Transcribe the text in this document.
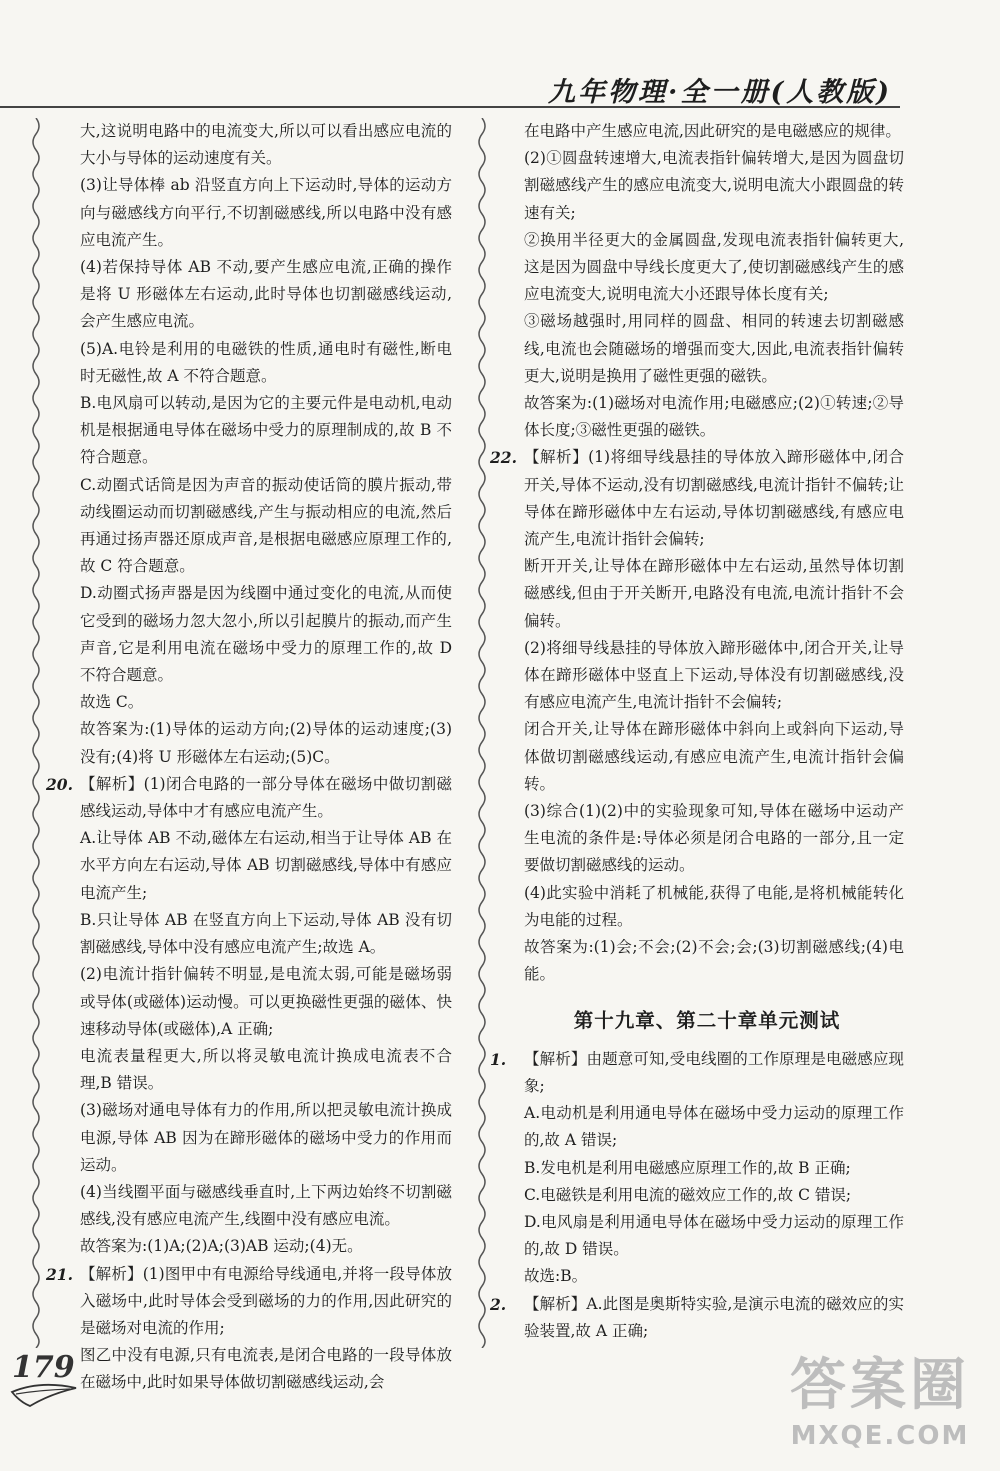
九年物理·全一册(人教版)

大,这说明电路中的电流变大,所以可以看出感应电流的大小与导体的运动速度有关。

(3)让导体棒 ab 沿竖直方向上下运动时,导体的运动方向与磁感线方向平行,不切割磁感线,所以电路中没有感应电流产生。

(4)若保持导体 AB 不动,要产生感应电流,正确的操作是将 U 形磁体左右运动,此时导体也切割磁感线运动,会产生感应电流。

(5)A.电铃是利用的电磁铁的性质,通电时有磁性,断电时无磁性,故 A 不符合题意。

B.电风扇可以转动,是因为它的主要元件是电动机,电动机是根据通电导体在磁场中受力的原理制成的,故 B 不符合题意。

C.动圈式话筒是因为声音的振动使话筒的膜片振动,带动线圈运动而切割磁感线,产生与振动相应的电流,然后再通过扬声器还原成声音,是根据电磁感应原理工作的,故 C 符合题意。

D.动圈式扬声器是因为线圈中通过变化的电流,从而使它受到的磁场力忽大忽小,所以引起膜片的振动,而产生声音,它是利用电流在磁场中受力的原理工作的,故 D 不符合题意。

故选 C。

故答案为:(1)导体的运动方向;(2)导体的运动速度;(3)没有;(4)将 U 形磁体左右运动;(5)C。

20. 【解析】(1)闭合电路的一部分导体在磁场中做切割磁感线运动,导体中才有感应电流产生。

A.让导体 AB 不动,磁体左右运动,相当于让导体 AB 在水平方向左右运动,导体 AB 切割磁感线,导体中有感应电流产生;

B.只让导体 AB 在竖直方向上下运动,导体 AB 没有切割磁感线,导体中没有感应电流产生;故选 A。

(2)电流计指针偏转不明显,是电流太弱,可能是磁场弱或导体(或磁体)运动慢。可以更换磁性更强的磁体、快速移动导体(或磁体),A 正确;

电流表量程更大,所以将灵敏电流计换成电流表不合理,B 错误。

(3)磁场对通电导体有力的作用,所以把灵敏电流计换成电源,导体 AB 因为在蹄形磁体的磁场中受力的作用而运动。

(4)当线圈平面与磁感线垂直时,上下两边始终不切割磁感线,没有感应电流产生,线圈中没有感应电流。

故答案为:(1)A;(2)A;(3)AB 运动;(4)无。

21. 【解析】(1)图甲中有电源给导线通电,并将一段导体放入磁场中,此时导体会受到磁场的力的作用,因此研究的是磁场对电流的作用;

图乙中没有电源,只有电流表,是闭合电路的一段导体放在磁场中,此时如果导体做切割磁感线运动,会

在电路中产生感应电流,因此研究的是电磁感应的规律。

(2)①圆盘转速增大,电流表指针偏转增大,是因为圆盘切割磁感线产生的感应电流变大,说明电流大小跟圆盘的转速有关;

②换用半径更大的金属圆盘,发现电流表指针偏转更大,这是因为圆盘中导线长度更大了,使切割磁感线产生的感应电流变大,说明电流大小还跟导体长度有关;

③磁场越强时,用同样的圆盘、相同的转速去切割磁感线,电流也会随磁场的增强而变大,因此,电流表指针偏转更大,说明是换用了磁性更强的磁铁。

故答案为:(1)磁场对电流作用;电磁感应;(2)①转速;②导体长度;③磁性更强的磁铁。

22. 【解析】(1)将细导线悬挂的导体放入蹄形磁体中,闭合开关,导体不运动,没有切割磁感线,电流计指针不偏转;让导体在蹄形磁体中左右运动,导体切割磁感线,有感应电流产生,电流计指针会偏转;

断开开关,让导体在蹄形磁体中左右运动,虽然导体切割磁感线,但由于开关断开,电路没有电流,电流计指针不会偏转。

(2)将细导线悬挂的导体放入蹄形磁体中,闭合开关,让导体在蹄形磁体中竖直上下运动,导体没有切割磁感线,没有感应电流产生,电流计指针不会偏转;

闭合开关,让导体在蹄形磁体中斜向上或斜向下运动,导体做切割磁感线运动,有感应电流产生,电流计指针会偏转。

(3)综合(1)(2)中的实验现象可知,导体在磁场中运动产生电流的条件是:导体必须是闭合电路的一部分,且一定要做切割磁感线的运动。

(4)此实验中消耗了机械能,获得了电能,是将机械能转化为电能的过程。

故答案为:(1)会;不会;(2)不会;会;(3)切割磁感线;(4)电能。

第十九章、第二十章单元测试

1. 【解析】由题意可知,受电线圈的工作原理是电磁感应现象;

A.电动机是利用通电导体在磁场中受力运动的原理工作的,故 A 错误;

B.发电机是利用电磁感应原理工作的,故 B 正确;

C.电磁铁是利用电流的磁效应工作的,故 C 错误;

D.电风扇是利用通电导体在磁场中受力运动的原理工作的,故 D 错误。

故选:B。

2. 【解析】A.此图是奥斯特实验,是演示电流的磁效应的实验装置,故 A 正确;

179	答案圈
MXQE.COM
